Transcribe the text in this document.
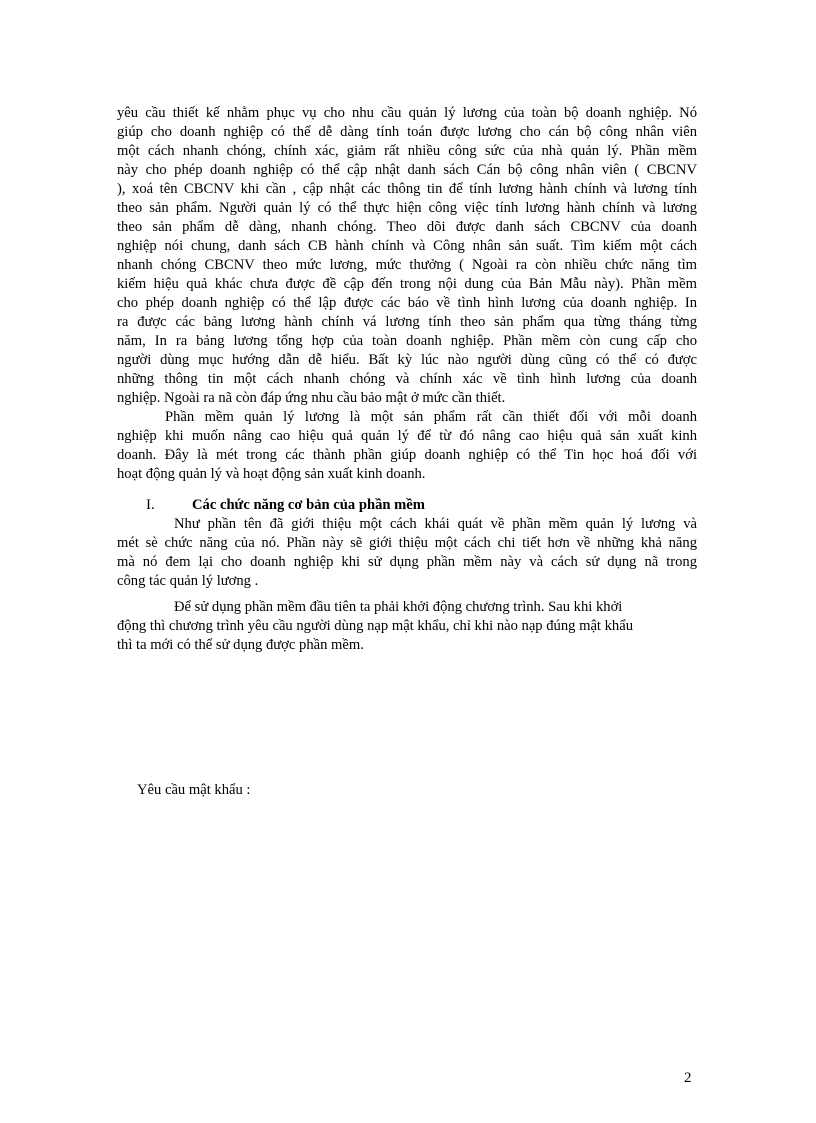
yêu cầu thiết kế nhằm phục vụ cho nhu cầu quản lý lương của toàn bộ doanh nghiệp. Nó
giúp cho doanh nghiệp có thể dễ dàng tính toán được lương cho cán bộ công nhân viên
một cách nhanh chóng, chính xác, giảm rất nhiều công sức của nhà quản lý. Phần mềm
này cho phép doanh nghiệp có thể cập nhật danh sách Cán bộ công nhân viên ( CBCNV
), xoá tên CBCNV khi cần , cập nhật các thông tin để tính lương hành chính và lương tính
theo sản phẩm. Người quản lý có thể thực hiện công việc tính lương hành chính và lương
theo sản phẩm dễ dàng, nhanh chóng. Theo dõi được danh sách CBCNV của doanh
nghiệp nói chung, danh sách CB hành chính và Công nhân sản suất. Tìm kiếm một cách
nhanh chóng CBCNV theo mức lương, mức thưởng ( Ngoài ra còn nhiều chức năng tìm
kiếm hiệu quả khác chưa được đề cập đến trong nội dung của Bản Mẫu này). Phần mềm
cho phép doanh nghiệp có thể lập được các báo về tình hình lương của doanh nghiệp. In
ra được các bảng lương hành chính vá lương tính theo sản phẩm qua từng tháng từng
năm, In ra bảng lương tổng hợp của toàn doanh nghiệp. Phần mềm còn cung cấp cho
người dùng mục hướng dẫn dễ hiểu. Bất kỳ lúc nào người dùng cũng có thể có được
những thông tin một cách nhanh chóng và chính xác về tình hình lương của doanh
nghiệp. Ngoài ra nã còn đáp ứng nhu cầu bảo mật ở mức cần thiết.
Phần mềm quản lý lương là một sản phẩm rất cần thiết đối với mỗi doanh
nghiệp khi muốn nâng cao hiệu quả quản lý để từ đó nâng cao hiệu quả sản xuất kinh
doanh. Đây là mét trong các thành phần giúp doanh nghiệp có thể Tin học hoá đối với
hoạt động quản lý và hoạt động sản xuất kinh doanh.
I.	Các chức năng cơ bản của phần mềm
Như phần tên đã giới thiệu một cách khái quát về phần mềm quản lý lương và
mét sè chức năng của nó. Phần này sẽ giới thiệu một cách chi tiết hơn về những khả năng
mà nó đem lại cho doanh nghiệp khi sử dụng phần mềm này và cách sử dụng nã trong
công tác quản lý lương .
Để sử dụng phần mềm đầu tiên ta phải khởi động chương trình. Sau khi khởi
động thì chương trình yêu cầu người dùng nạp mật khẩu, chỉ khi nào nạp đúng mật khẩu
thì ta mới có thể sử dụng được phần mềm.
Yêu cầu mật khẩu :
2
